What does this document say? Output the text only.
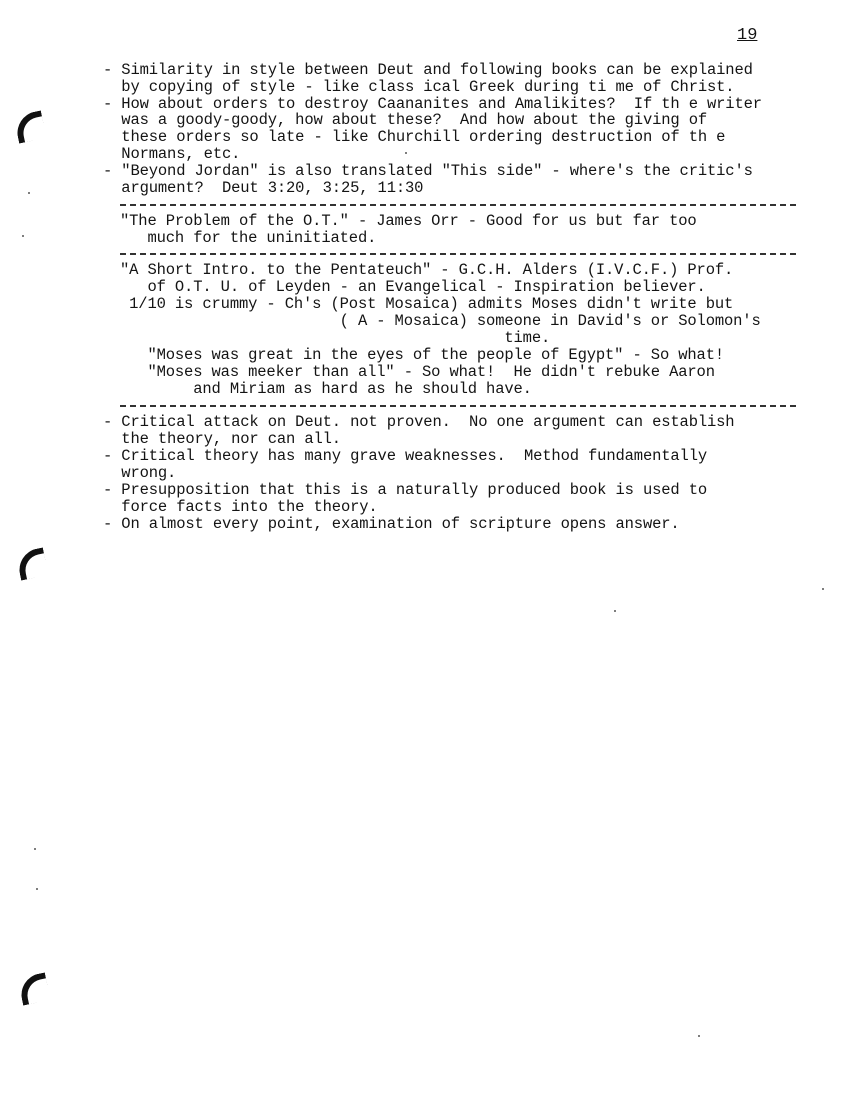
19
- Similarity in style between Deut and following books can be explained
by copying of style - like class ical Greek during ti me of Christ.
- How about orders to destroy Caananites and Amalikites?  If th e writer
was a goody-goody, how about these?  And how about the giving of
these orders so late - like Churchill ordering destruction of th e
Normans, etc.
- "Beyond Jordan" is also translated "This side" - where's the critic's
argument?  Deut 3:20, 3:25, 11:30
"The Problem of the O.T." - James Orr - Good for us but far too
much for the uninitiated.
"A Short Intro. to the Pentateuch" - G.C.H. Alders (I.V.C.F.) Prof.
of O.T. U. of Leyden - an Evangelical - Inspiration believer.
1/10 is crummy - Ch's (Post Mosaica) admits Moses didn't write but
( A - Mosaica) someone in David's or Solomon's
time.
"Moses was great in the eyes of the people of Egypt" - So what!
"Moses was meeker than all" - So what!  He didn't rebuke Aaron
and Miriam as hard as he should have.
- Critical attack on Deut. not proven.  No one argument can establish
the theory, nor can all.
- Critical theory has many grave weaknesses.  Method fundamentally
wrong.
- Presupposition that this is a naturally produced book is used to
force facts into the theory.
- On almost every point, examination of scripture opens answer.
